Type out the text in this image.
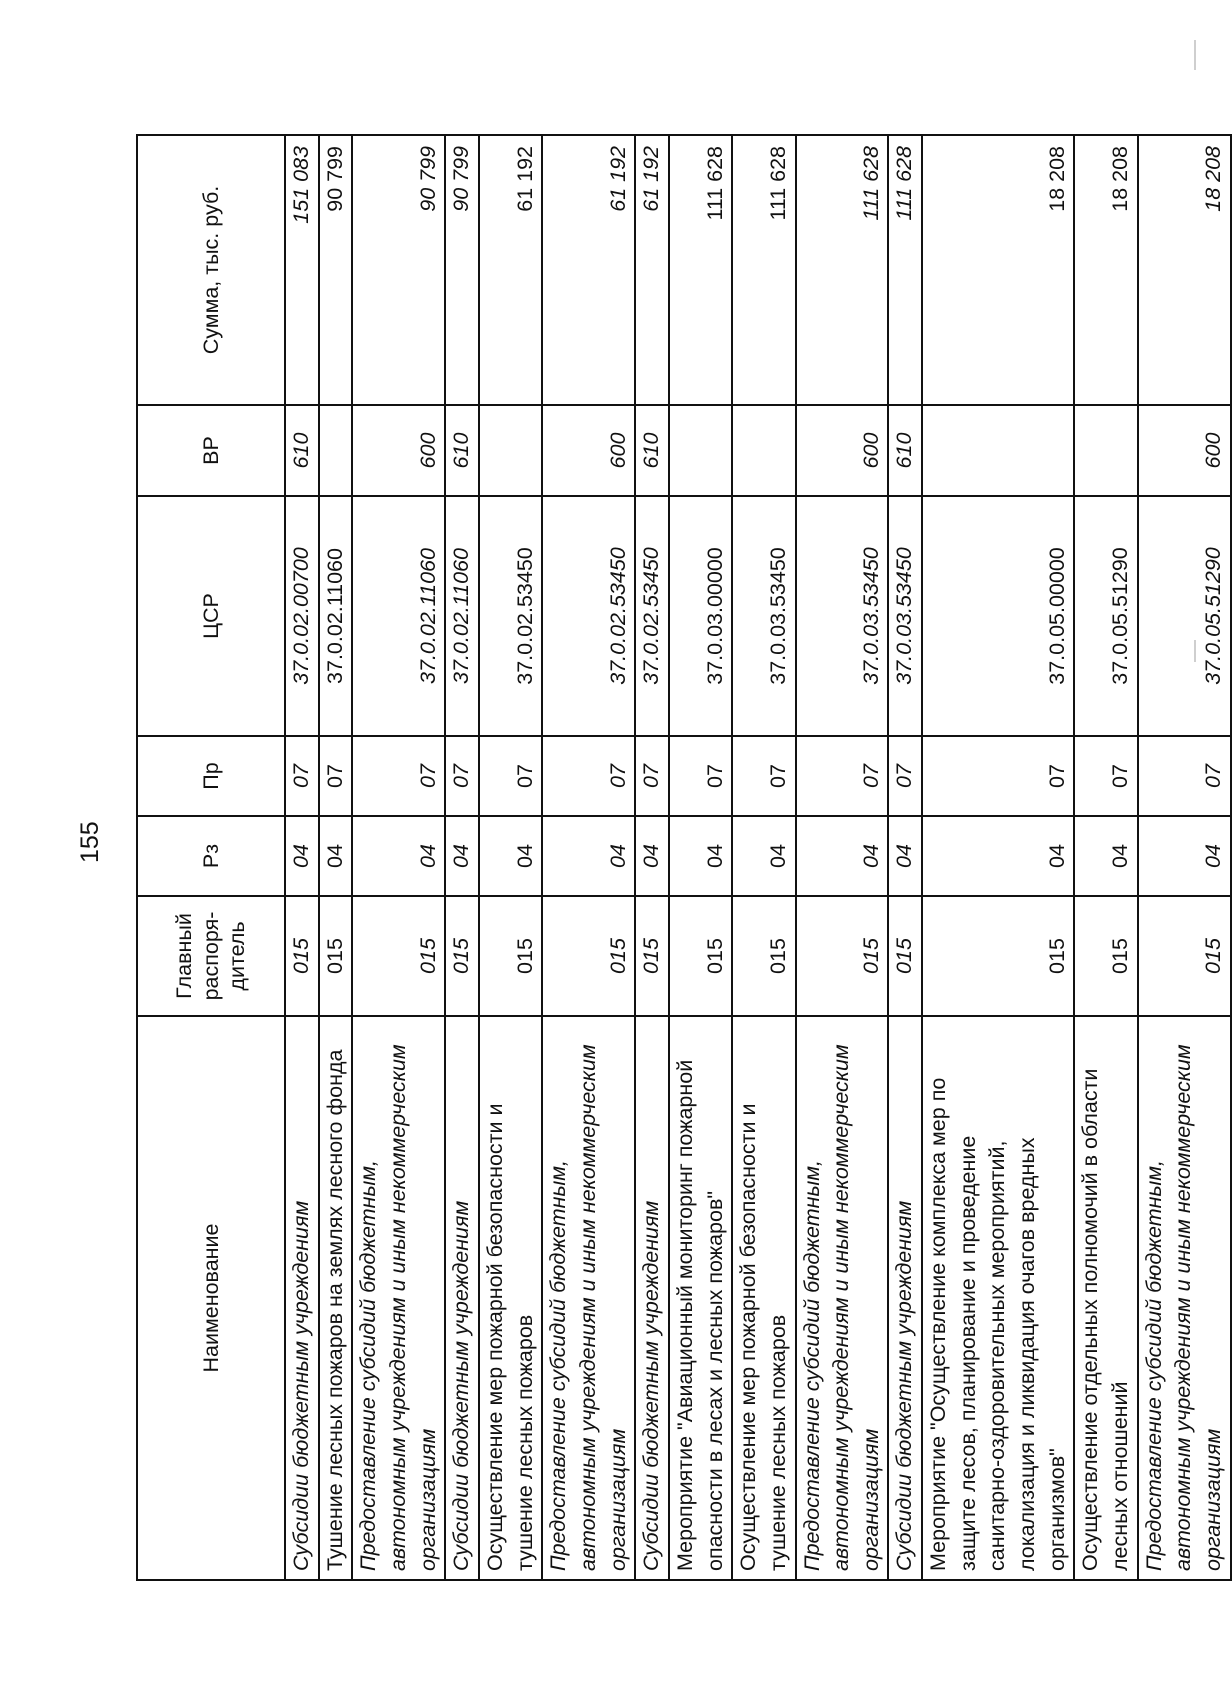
155
Наименование	Главный распоря-дитель	Рз	Пр	ЦСР	ВР	Сумма, тыс. руб.
Субсидии бюджетным учреждениям	015	04	07	37.0.02.00700	610	151 083
Тушение лесных пожаров на землях лесного фонда	015	04	07	37.0.02.11060		90 799
Предоставление субсидий бюджетным, автономным учреждениям и иным некоммерческим организациям	015	04	07	37.0.02.11060	600	90 799
Субсидии бюджетным учреждениям	015	04	07	37.0.02.11060	610	90 799
Осуществление мер пожарной безопасности и тушение лесных пожаров	015	04	07	37.0.02.53450		61 192
Предоставление субсидий бюджетным, автономным учреждениям и иным некоммерческим организациям	015	04	07	37.0.02.53450	600	61 192
Субсидии бюджетным учреждениям	015	04	07	37.0.02.53450	610	61 192
Мероприятие "Авиационный мониторинг пожарной опасности в лесах и лесных пожаров"	015	04	07	37.0.03.00000		111 628
Осуществление мер пожарной безопасности и тушение лесных пожаров	015	04	07	37.0.03.53450		111 628
Предоставление субсидий бюджетным, автономным учреждениям и иным некоммерческим организациям	015	04	07	37.0.03.53450	600	111 628
Субсидии бюджетным учреждениям	015	04	07	37.0.03.53450	610	111 628
Мероприятие "Осуществление комплекса мер по защите лесов, планирование и проведение санитарно-оздоровительных мероприятий, локализация и ликвидация очагов вредных организмов"	015	04	07	37.0.05.00000		18 208
Осуществление отдельных полномочий в области лесных отношений	015	04	07	37.0.05.51290		18 208
Предоставление субсидий бюджетным, автономным учреждениям и иным некоммерческим организациям	015	04	07	37.0.05.51290	600	18 208
